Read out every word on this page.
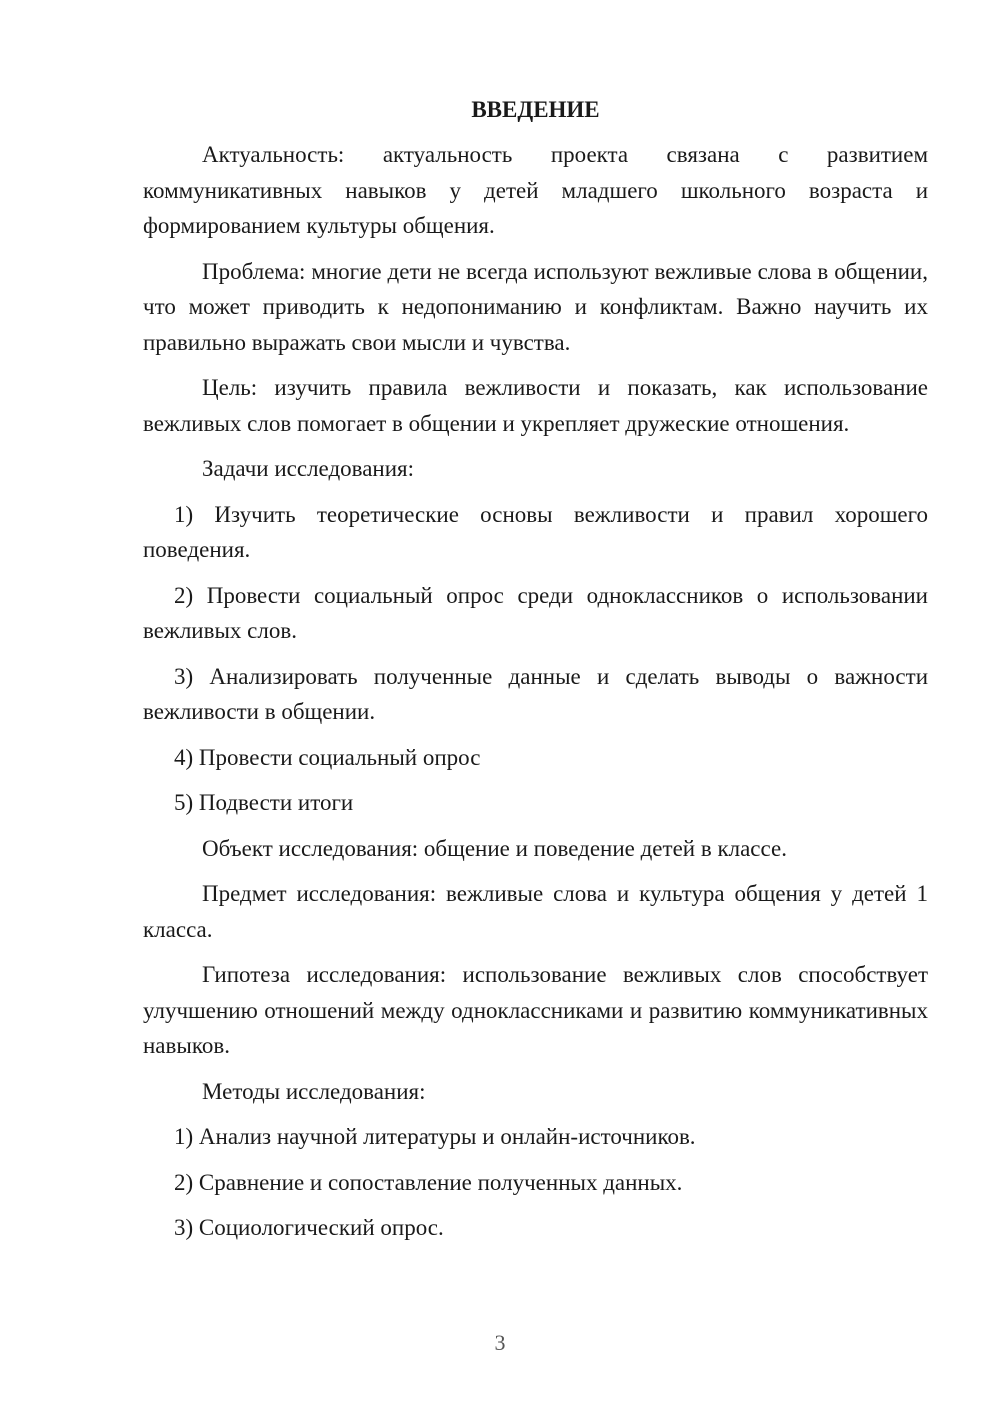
ВВЕДЕНИЕ
Актуальность: актуальность проекта связана с развитием коммуникативных навыков у детей младшего школьного возраста и формированием культуры общения.
Проблема: многие дети не всегда используют вежливые слова в общении, что может приводить к недопониманию и конфликтам. Важно научить их правильно выражать свои мысли и чувства.
Цель: изучить правила вежливости и показать, как использование вежливых слов помогает в общении и укрепляет дружеские отношения.
Задачи исследования:
1) Изучить теоретические основы вежливости и правил хорошего поведения.
2) Провести социальный опрос среди одноклассников о использовании вежливых слов.
3) Анализировать полученные данные и сделать выводы о важности вежливости в общении.
4) Провести социальный опрос
5) Подвести итоги
Объект исследования: общение и поведение детей в классе.
Предмет исследования: вежливые слова и культура общения у детей 1 класса.
Гипотеза исследования: использование вежливых слов способствует улучшению отношений между одноклассниками и развитию коммуникативных навыков.
Методы исследования:
1) Анализ научной литературы и онлайн-источников.
2) Сравнение и сопоставление полученных данных.
3) Социологический опрос.
3
